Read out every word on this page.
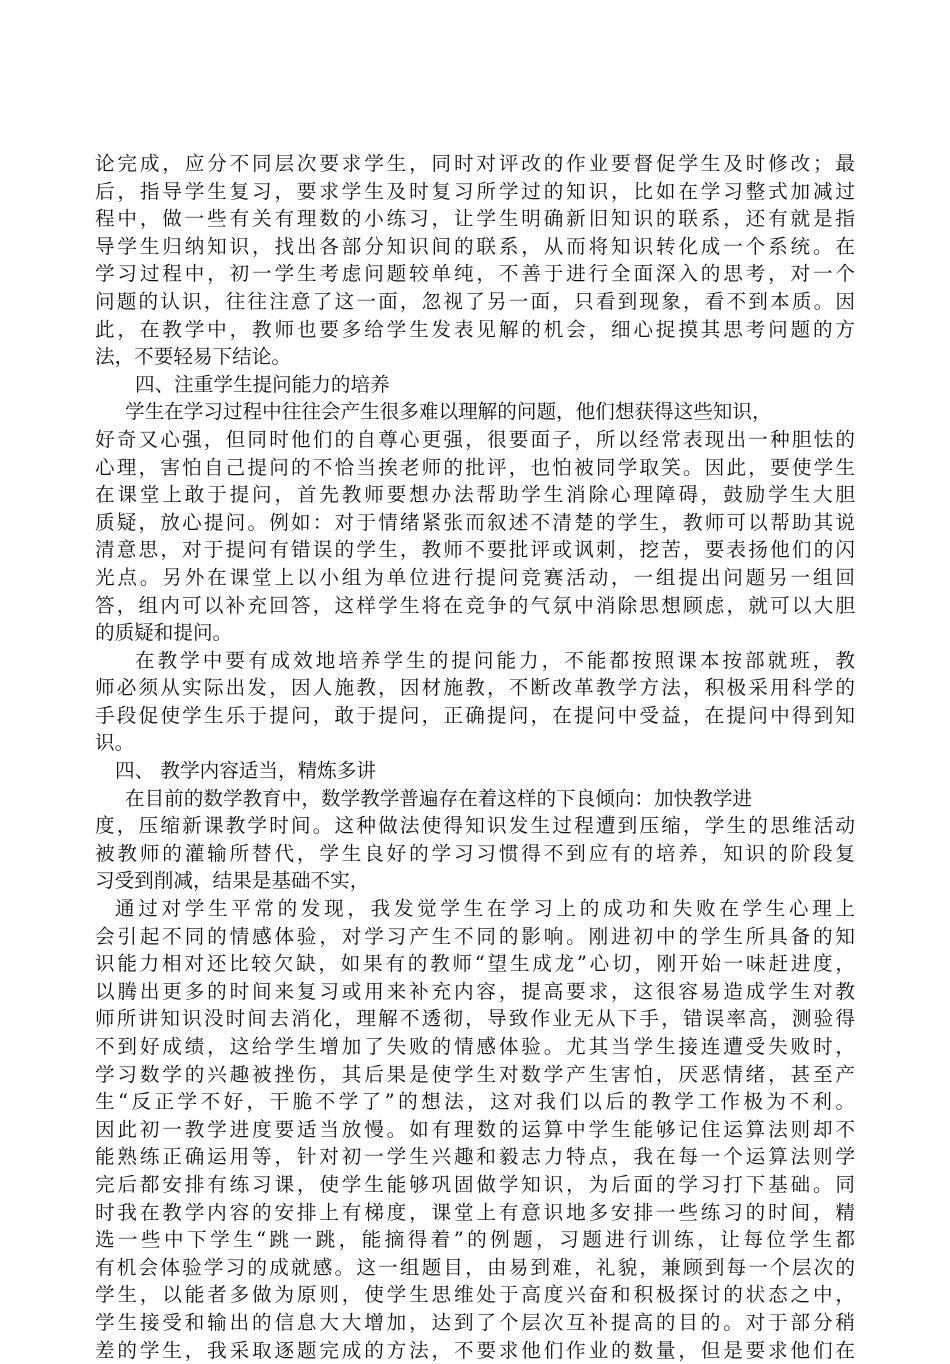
论完成，应分不同层次要求学生，同时对评改的作业要督促学生及时修改；最
后，指导学生复习，要求学生及时复习所学过的知识，比如在学习整式加减过
程中，做一些有关有理数的小练习，让学生明确新旧知识的联系，还有就是指
导学生归纳知识，找出各部分知识间的联系，从而将知识转化成一个系统。在
学习过程中，初一学生考虑问题较单纯，不善于进行全面深入的思考，对一个
问题的认识，往往注意了这一面，忽视了另一面，只看到现象，看不到本质。因
此，在教学中，教师也要多给学生发表见解的机会，细心捉摸其思考问题的方
法，不要轻易下结论。
四、注重学生提问能力的培养
学生在学习过程中往往会产生很多难以理解的问题，他们想获得这些知识，
好奇又心强，但同时他们的自尊心更强，很要面子，所以经常表现出一种胆怯的
心理，害怕自己提问的不恰当挨老师的批评，也怕被同学取笑。因此，要使学生
在课堂上敢于提问，首先教师要想办法帮助学生消除心理障碍，鼓励学生大胆
质疑，放心提问。例如：对于情绪紧张而叙述不清楚的学生，教师可以帮助其说
清意思，对于提问有错误的学生，教师不要批评或讽刺，挖苦，要表扬他们的闪
光点。另外在课堂上以小组为单位进行提问竞赛活动，一组提出问题另一组回
答，组内可以补充回答，这样学生将在竞争的气氛中消除思想顾虑，就可以大胆
的质疑和提问。
在教学中要有成效地培养学生的提问能力，不能都按照课本按部就班，教
师必须从实际出发，因人施教，因材施教，不断改革教学方法，积极采用科学的
手段促使学生乐于提问，敢于提问，正确提问，在提问中受益，在提问中得到知
识。
四、 教学内容适当，精炼多讲
在目前的数学教育中，数学教学普遍存在着这样的下良倾向：加快教学进
度，压缩新课教学时间。这种做法使得知识发生过程遭到压缩，学生的思维活动
被教师的灌输所替代，学生良好的学习习惯得不到应有的培养，知识的阶段复
习受到削减，结果是基础不实，
通过对学生平常的发现，我发觉学生在学习上的成功和失败在学生心理上
会引起不同的情感体验，对学习产生不同的影响。刚进初中的学生所具备的知
识能力相对还比较欠缺，如果有的教师“望生成龙”心切，刚开始一味赶进度，
以腾出更多的时间来复习或用来补充内容，提高要求，这很容易造成学生对教
师所讲知识没时间去消化，理解不透彻，导致作业无从下手，错误率高，测验得
不到好成绩，这给学生增加了失败的情感体验。尤其当学生接连遭受失败时，
学习数学的兴趣被挫伤，其后果是使学生对数学产生害怕，厌恶情绪，甚至产
生“反正学不好，干脆不学了”的想法，这对我们以后的教学工作极为不利。
因此初一教学进度要适当放慢。如有理数的运算中学生能够记住运算法则却不
能熟练正确运用等，针对初一学生兴趣和毅志力特点，我在每一个运算法则学
完后都安排有练习课，使学生能够巩固做学知识，为后面的学习打下基础。同
时我在教学内容的安排上有梯度，课堂上有意识地多安排一些练习的时间，精
选一些中下学生“跳一跳，能摘得着”的例题，习题进行训练，让每位学生都
有机会体验学习的成就感。这一组题目，由易到难，礼貌，兼顾到每一个层次的
学生，以能者多做为原则，使学生思维处于高度兴奋和积极探讨的状态之中，
学生接受和输出的信息大大增加，达到了个层次互补提高的目的。对于部分稍
差的学生，我采取逐题完成的方法，不要求他们作业的数量，但是要求他们在
